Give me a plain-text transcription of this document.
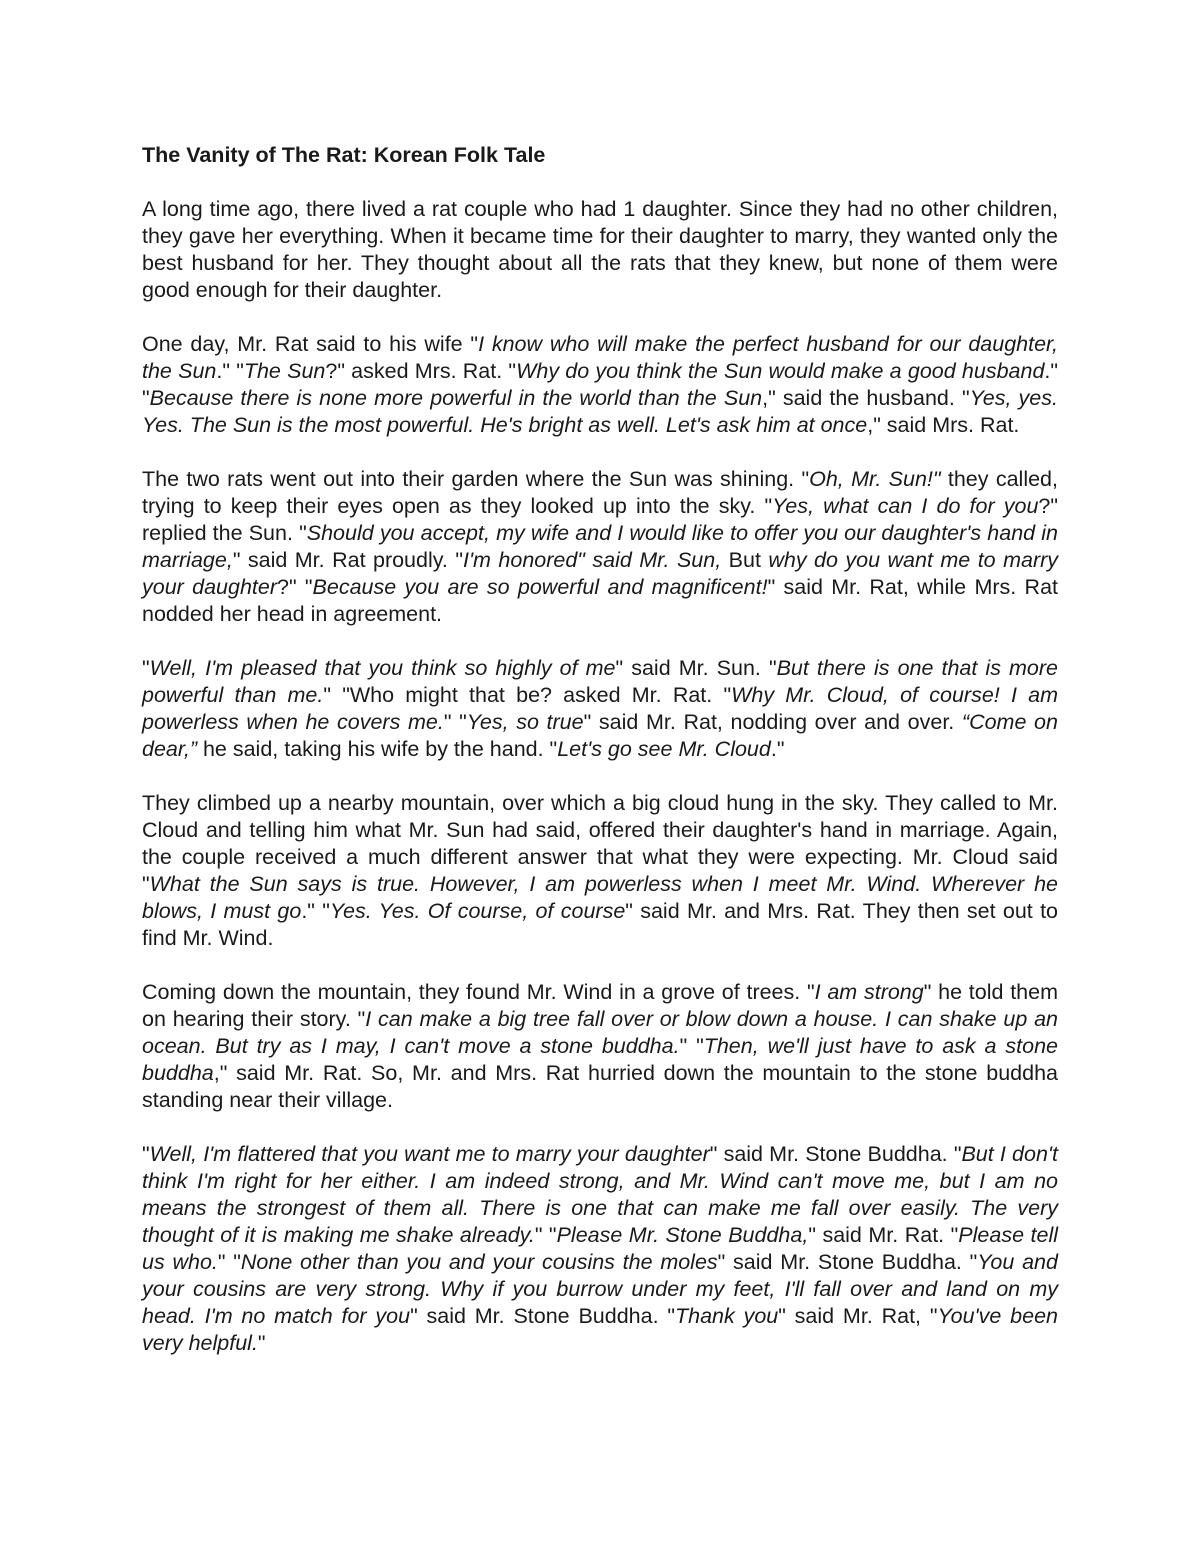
The Vanity of The Rat: Korean Folk Tale
A long time ago, there lived a rat couple who had 1 daughter. Since they had no other children, they gave her everything. When it became time for their daughter to marry, they wanted only the best husband for her. They thought about all the rats that they knew, but none of them were good enough for their daughter.
One day, Mr. Rat said to his wife "I know who will make the perfect husband for our daughter, the Sun." "The Sun?" asked Mrs. Rat. "Why do you think the Sun would make a good husband." "Because there is none more powerful in the world than the Sun," said the husband. "Yes, yes. Yes. The Sun is the most powerful. He's bright as well. Let's ask him at once," said Mrs. Rat.
The two rats went out into their garden where the Sun was shining. "Oh, Mr. Sun!" they called, trying to keep their eyes open as they looked up into the sky. "Yes, what can I do for you?" replied the Sun. "Should you accept, my wife and I would like to offer you our daughter's hand in marriage," said Mr. Rat proudly. "I'm honored" said Mr. Sun, But why do you want me to marry your daughter?" "Because you are so powerful and magnificent!" said Mr. Rat, while Mrs. Rat nodded her head in agreement.
"Well, I'm pleased that you think so highly of me" said Mr. Sun. "But there is one that is more powerful than me." "Who might that be? asked Mr. Rat. "Why Mr. Cloud, of course! I am powerless when he covers me." "Yes, so true" said Mr. Rat, nodding over and over. “Come on dear,” he said, taking his wife by the hand. "Let's go see Mr. Cloud."
They climbed up a nearby mountain, over which a big cloud hung in the sky. They called to Mr. Cloud and telling him what Mr. Sun had said, offered their daughter's hand in marriage. Again, the couple received a much different answer that what they were expecting. Mr. Cloud said "What the Sun says is true. However, I am powerless when I meet Mr. Wind. Wherever he blows, I must go." "Yes. Yes. Of course, of course" said Mr. and Mrs. Rat. They then set out to find Mr. Wind.
Coming down the mountain, they found Mr. Wind in a grove of trees. "I am strong" he told them on hearing their story. "I can make a big tree fall over or blow down a house. I can shake up an ocean. But try as I may, I can't move a stone buddha." "Then, we'll just have to ask a stone buddha," said Mr. Rat. So, Mr. and Mrs. Rat hurried down the mountain to the stone buddha standing near their village.
"Well, I'm flattered that you want me to marry your daughter" said Mr. Stone Buddha. "But I don't think I'm right for her either. I am indeed strong, and Mr. Wind can't move me, but I am no means the strongest of them all. There is one that can make me fall over easily. The very thought of it is making me shake already." "Please Mr. Stone Buddha," said Mr. Rat. "Please tell us who." "None other than you and your cousins the moles" said Mr. Stone Buddha. "You and your cousins are very strong. Why if you burrow under my feet, I'll fall over and land on my head. I'm no match for you" said Mr. Stone Buddha. "Thank you" said Mr. Rat, "You've been very helpful."
